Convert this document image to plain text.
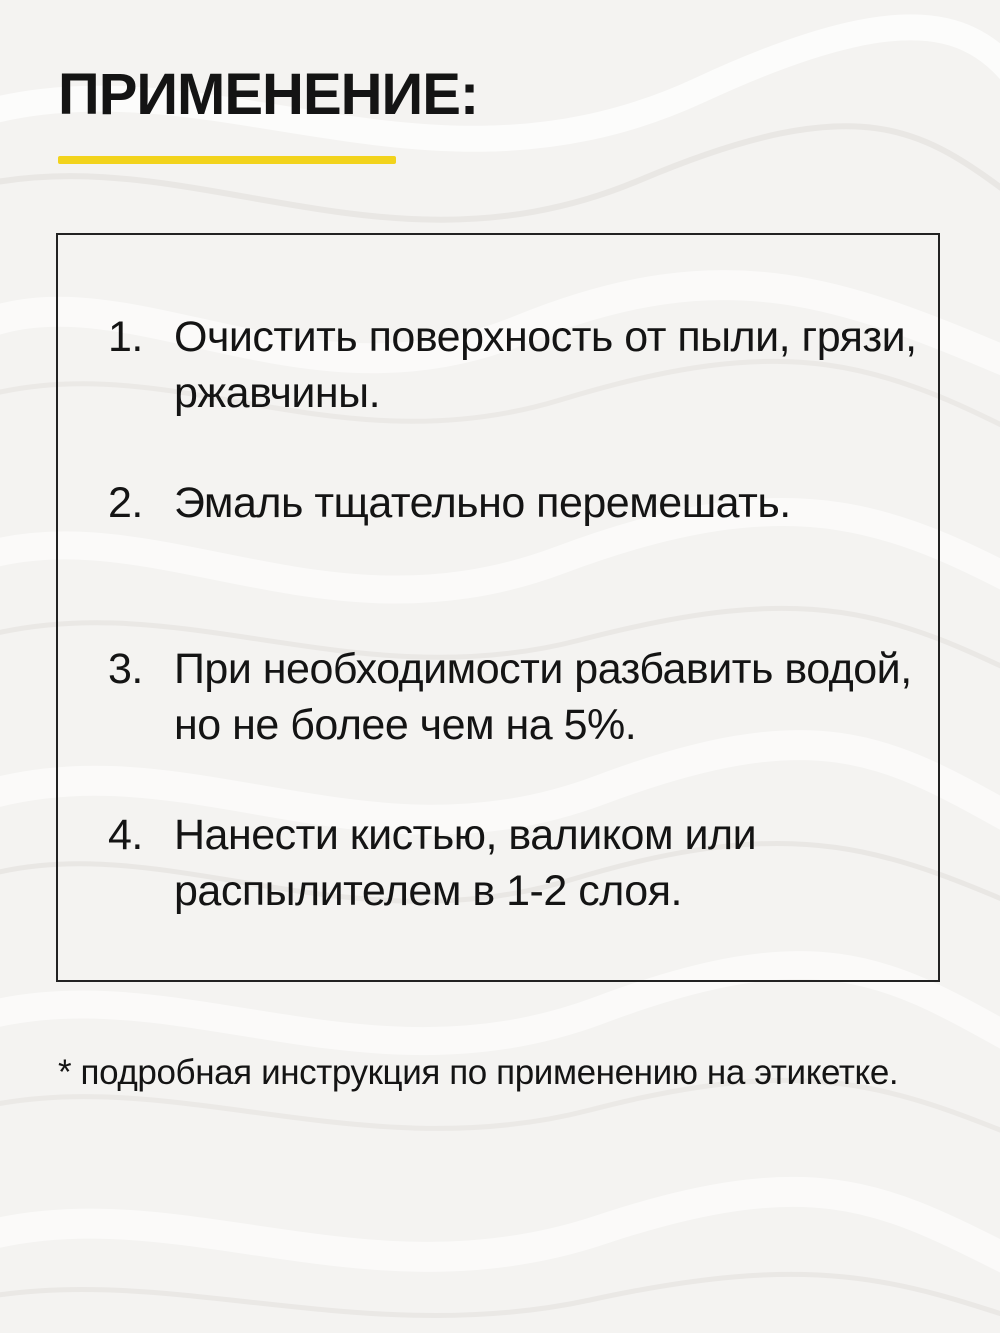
ПРИМЕНЕНИЕ:
1. Очистить поверхность от пыли, грязи, ржавчины.
2. Эмаль тщательно перемешать.
3. При необходимости разбавить водой, но не более чем на 5%.
4. Нанести кистью, валиком или распылителем в 1-2 слоя.

* подробная инструкция по применению на этикетке.
